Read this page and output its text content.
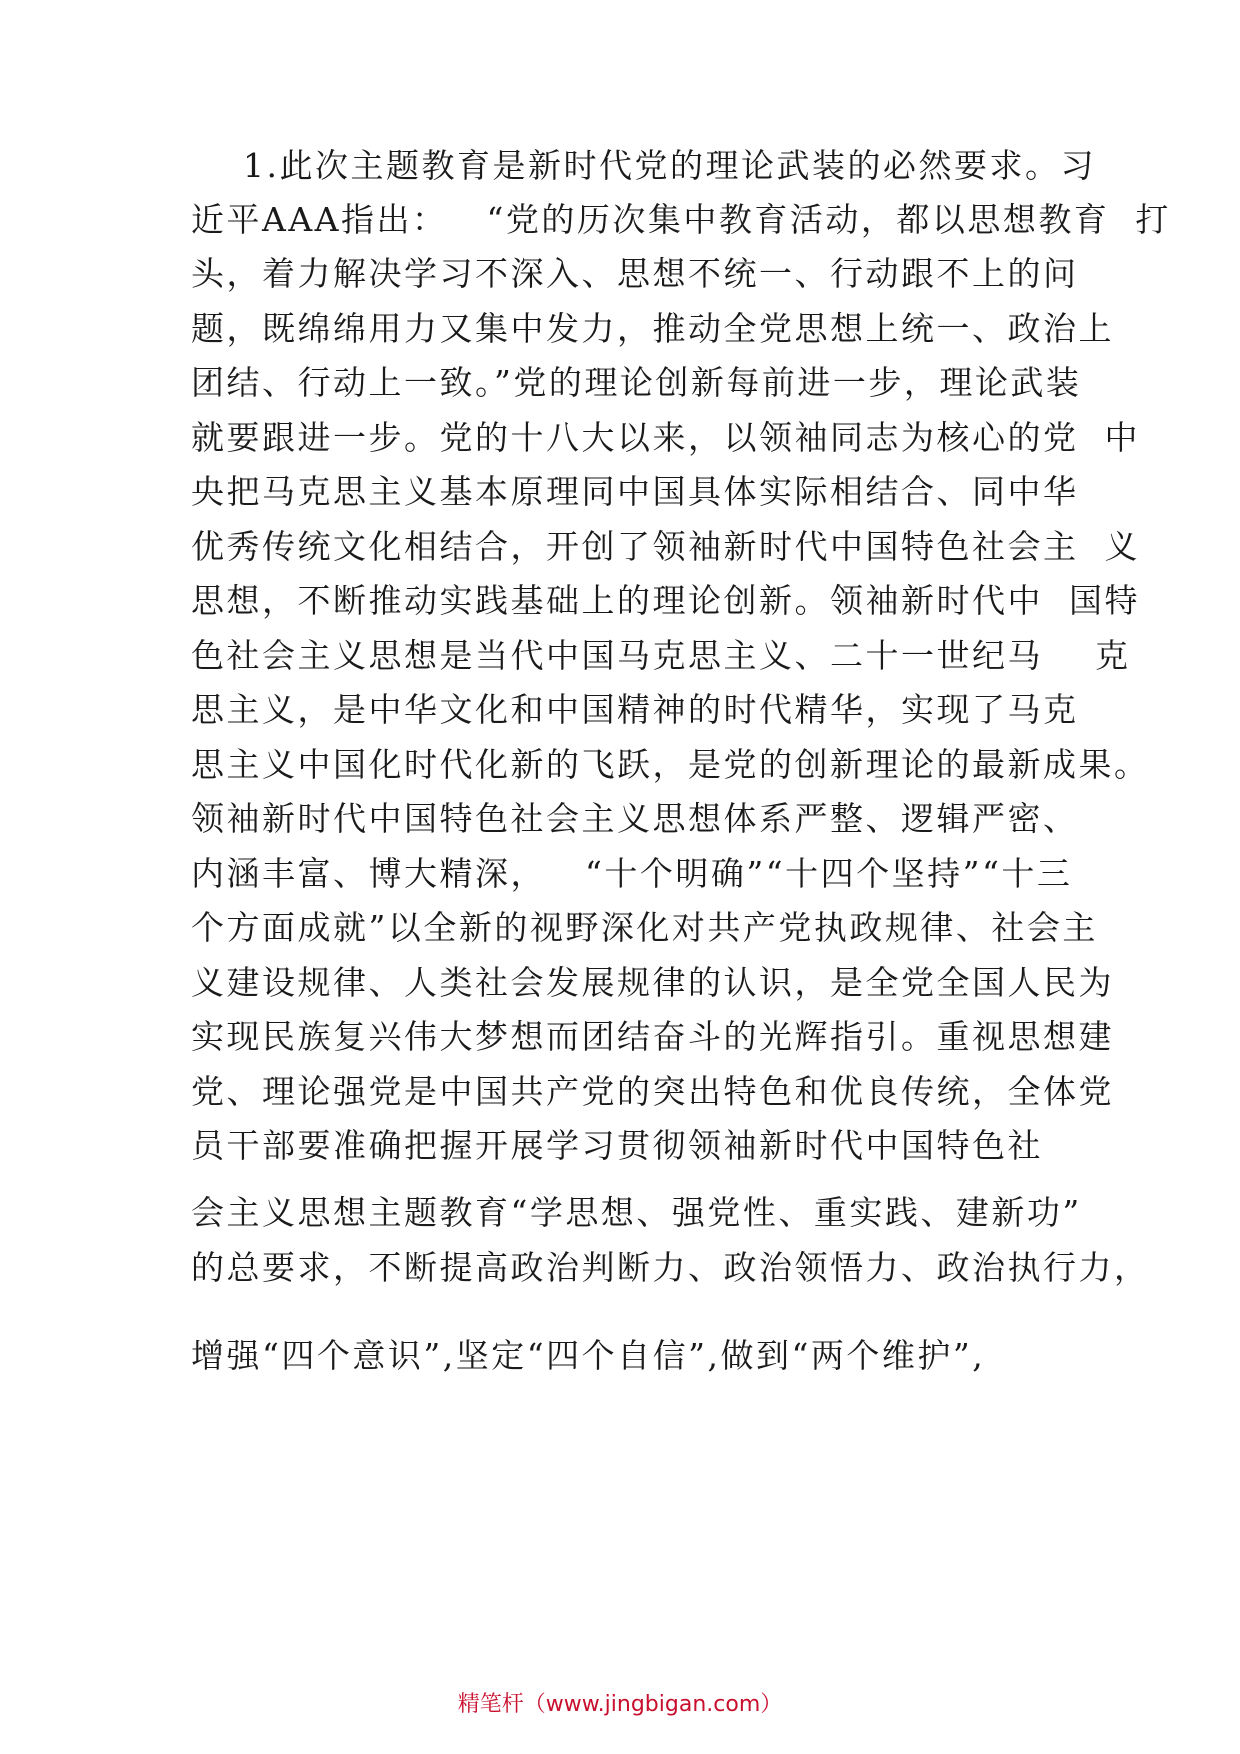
1.此次主题教育是新时代党的理论武装的必然要求。习
近平AAA指出：   “党的历次集中教育活动，都以思想教育  打
头，着力解决学习不深入、思想不统一、行动跟不上的问
题，既绵绵用力又集中发力，推动全党思想上统一、政治上
团结、行动上一致。”党的理论创新每前进一步，理论武装
就要跟进一步。党的十八大以来，以领袖同志为核心的党  中
央把马克思主义基本原理同中国具体实际相结合、同中华
优秀传统文化相结合，开创了领袖新时代中国特色社会主  义
思想，不断推动实践基础上的理论创新。领袖新时代中  国特
色社会主义思想是当代中国马克思主义、二十一世纪马    克
思主义，是中华文化和中国精神的时代精华，实现了马克
思主义中国化时代化新的飞跃，是党的创新理论的最新成果。
领袖新时代中国特色社会主义思想体系严整、逻辑严密、
内涵丰富、博大精深，   “十个明确”“十四个坚持”“十三
个方面成就”以全新的视野深化对共产党执政规律、社会主
义建设规律、人类社会发展规律的认识，是全党全国人民为
实现民族复兴伟大梦想而团结奋斗的光辉指引。重视思想建
党、理论强党是中国共产党的突出特色和优良传统，全体党
员干部要准确把握开展学习贯彻领袖新时代中国特色社
会主义思想主题教育“学思想、强党性、重实践、建新功”
的总要求，不断提高政治判断力、政治领悟力、政治执行力，
增强“四个意识”,坚定“四个自信”,做到“两个维护”,
精笔杆（www.jingbigan.com）
